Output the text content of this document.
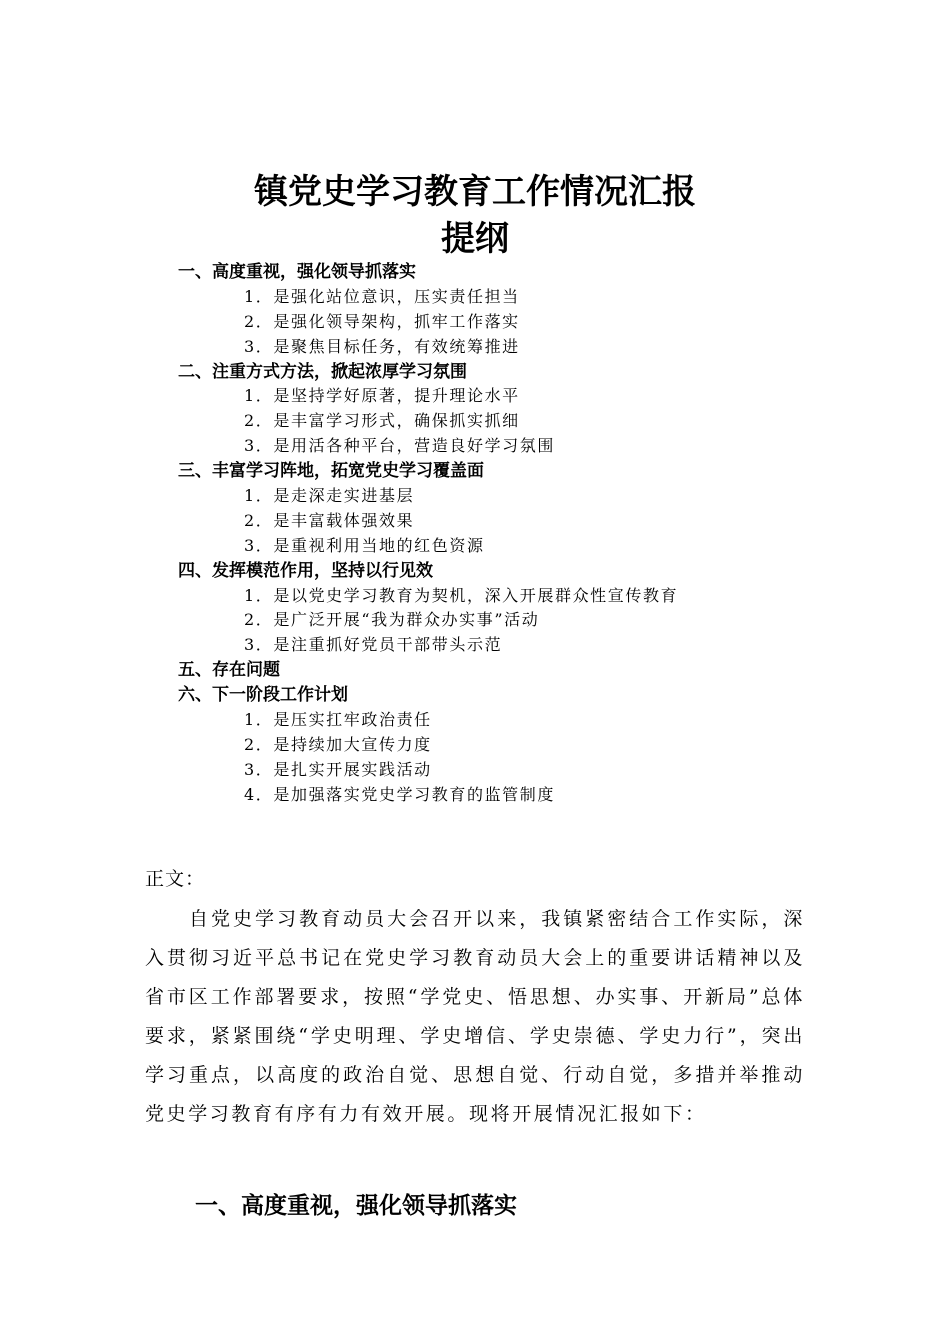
镇党史学习教育工作情况汇报
提纲
一、高度重视，强化领导抓落实
1．是强化站位意识，压实责任担当
2．是强化领导架构，抓牢工作落实
3．是聚焦目标任务，有效统筹推进
二、注重方式方法，掀起浓厚学习氛围
1．是坚持学好原著，提升理论水平
2．是丰富学习形式，确保抓实抓细
3．是用活各种平台，营造良好学习氛围
三、丰富学习阵地，拓宽党史学习覆盖面
1．是走深走实进基层
2．是丰富载体强效果
3．是重视利用当地的红色资源
四、发挥模范作用，坚持以行见效
1．是以党史学习教育为契机，深入开展群众性宣传教育
2．是广泛开展“我为群众办实事”活动
3．是注重抓好党员干部带头示范
五、存在问题
六、下一阶段工作计划
1．是压实扛牢政治责任
2．是持续加大宣传力度
3．是扎实开展实践活动
4．是加强落实党史学习教育的监管制度
正文：

自党史学习教育动员大会召开以来，我镇紧密结合工作实际，深入贯彻习近平总书记在党史学习教育动员大会上的重要讲话精神以及省市区工作部署要求，按照“学党史、悟思想、办实事、开新局”总体要求，紧紧围绕“学史明理、学史增信、学史崇德、学史力行”，突出学习重点，以高度的政治自觉、思想自觉、行动自觉，多措并举推动党史学习教育有序有力有效开展。现将开展情况汇报如下：

一、高度重视，强化领导抓落实
